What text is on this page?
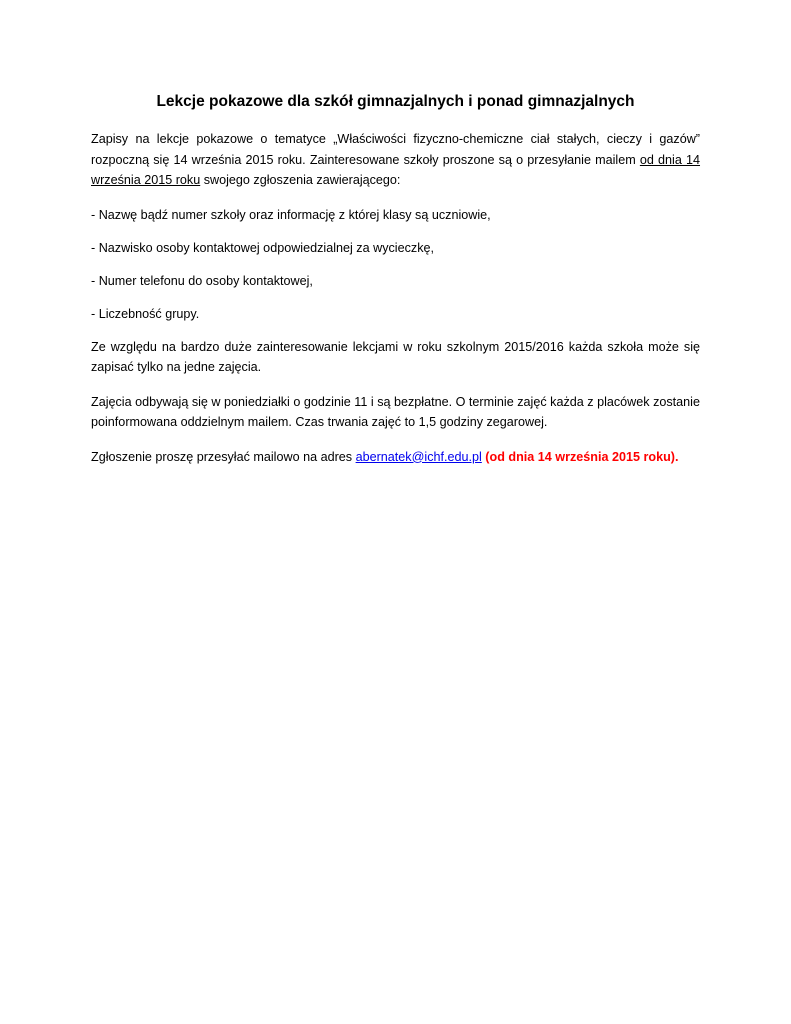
Lekcje pokazowe dla szkół gimnazjalnych i ponad gimnazjalnych

Zapisy na lekcje pokazowe o tematyce „Właściwości fizyczno-chemiczne ciał stałych, cieczy i gazów” rozpoczną się 14 września 2015 roku. Zainteresowane szkoły proszone są o przesyłanie mailem od dnia 14 września 2015 roku swojego zgłoszenia zawierającego:

- Nazwę bądź numer szkoły oraz informację z której klasy są uczniowie,

- Nazwisko osoby kontaktowej odpowiedzialnej za wycieczkę,

- Numer telefonu do osoby kontaktowej,

- Liczebność grupy.

Ze względu na bardzo duże zainteresowanie lekcjami w roku szkolnym 2015/2016 każda szkoła może się zapisać tylko na jedne zajęcia.

Zajęcia odbywają się w poniedziałki o godzinie 11 i są bezpłatne. O terminie zajęć każda z placówek zostanie poinformowana oddzielnym mailem. Czas trwania zajęć to 1,5 godziny zegarowej.

Zgłoszenie proszę przesyłać mailowo na adres abernatek@ichf.edu.pl (od dnia 14 września 2015 roku).
